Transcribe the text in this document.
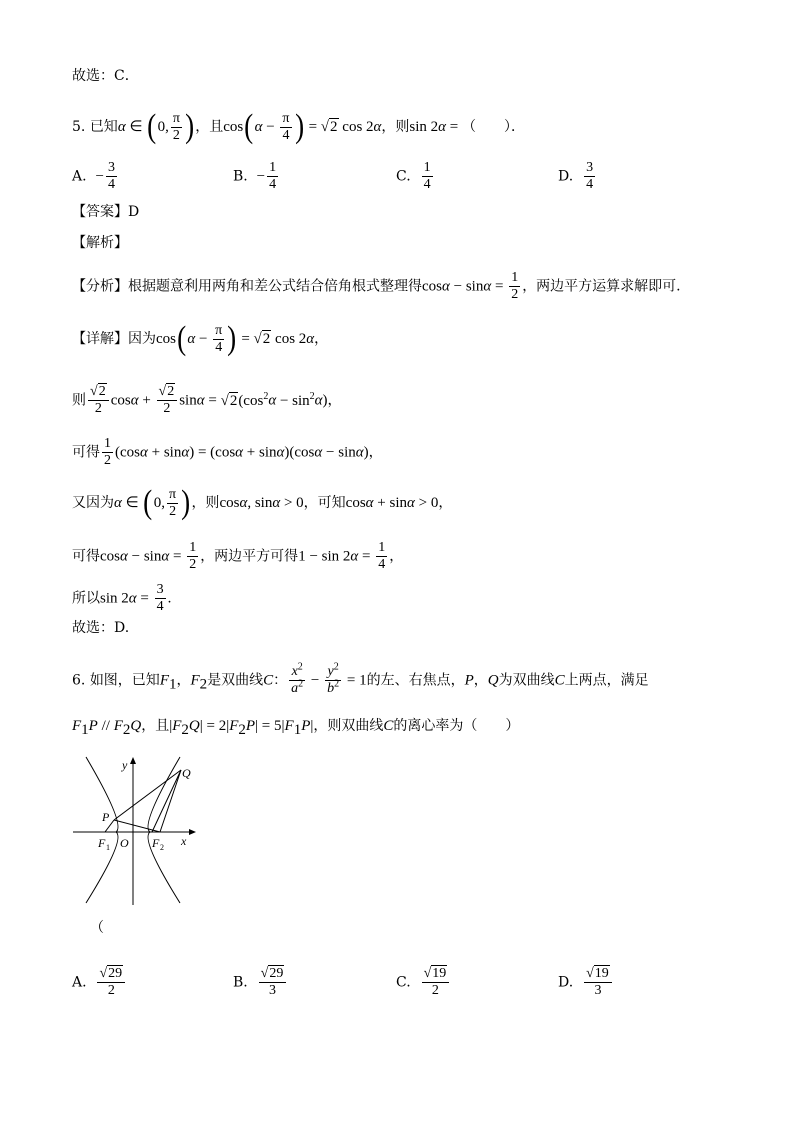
故选：C．
5. 已知α ∈ (0, $\frac{\pi}{2}$ )，且$\cos(\alpha - \frac{\pi}{4}$ ) = √2 cos 2α，则sin 2α = （　　）．
A. − $\frac{3}{4}$	B. − $\frac{1}{4}$	C. $\frac{1}{4}$	D. $\frac{3}{4}$
【答案】D
【解析】
【分析】根据题意利用两角和差公式结合倍角根式整理得$\cos\alpha - \sin\alpha = \frac{1}{2}$ ，两边平方运算求解即可.
【详解】因为$\cos(\alpha - \frac{\pi}{4}$ ) = √2 cos 2α，
则 $\frac{√2}{2}$ $\cos\alpha + \frac{√2}{2}$ $\sin\alpha = √2(\cos^2\alpha - \sin^2\alpha)$，
可得 $\frac{1}{2} (\cos\alpha + \sin\alpha) = (\cos\alpha + \sin\alpha)(\cos\alpha - \sin\alpha)$，
又因为α ∈ (0, $\frac{\pi}{2}$ )，则cosα, sinα > 0，可知cosα + sinα > 0，
可得$\cos\alpha - \sin\alpha = \frac{1}{2}$ ，两边平方可得$1 - \sin 2\alpha = \frac{1}{4}$ ，
所以$\sin 2\alpha = \frac{3}{4}$ .
故选：D.
6. 如图，已知$F_1$，$F_2$是双曲线C： $\frac{x^2}{a^2} - \frac{y^2}{b^2} = 1$的左、右焦点，P，Q为双曲线C上两点，满足
$F_1P // F_2Q$，且$|F_2Q| = 2|F_2P| = 5|F_1P|$，则双曲线C的离心率为（　　）
y
x
Q
P
F 1 O F 2
（
A. $\frac{√29}{2}$	B. $\frac{√29}{3}$	C. $\frac{√19}{2}$	D. $\frac{√19}{3}$
